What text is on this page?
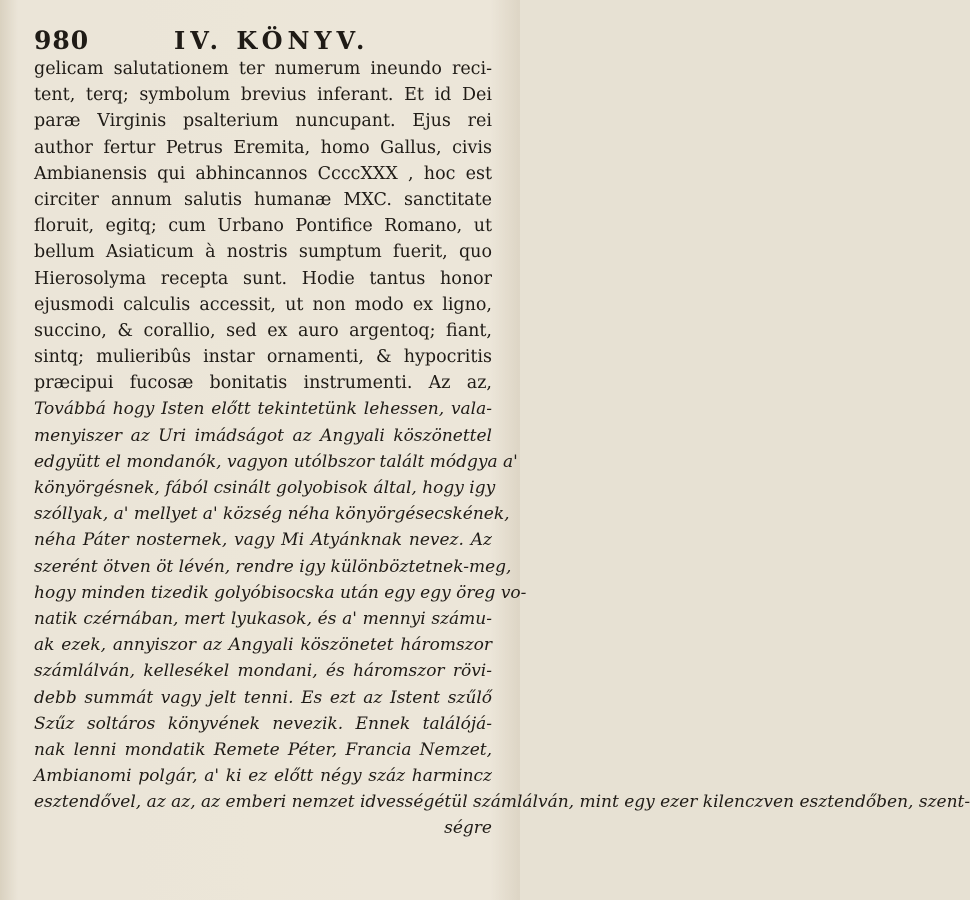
980	IV. KÖNYV.
gelicam salutationem ter numerum ineundo reci-
tent, terq; symbolum brevius inferant. Et id Dei
paræ Virginis psalterium nuncupant. Ejus rei
author fertur Petrus Eremita, homo Gallus, civis
Ambianensis qui abhincannos CcccXXX , hoc est
circiter annum salutis humanæ MXC. sanctitate
floruit, egitq; cum Urbano Pontifice Romano, ut
bellum Asiaticum à nostris sumptum fuerit, quo
Hierosolyma recepta sunt. Hodie tantus honor
ejusmodi calculis accessit, ut non modo ex ligno,
succino, & corallio, sed ex auro argentoq; fiant,
sintq; mulieribûs instar ornamenti, & hypocritis
præcipui fucosæ bonitatis instrumenti. Az az,
Továbbá hogy Isten előtt tekintetünk lehessen, vala-
menyiszer az Uri imádságot az Angyali köszönettel
edgyütt el mondanók, vagyon utólbszor talált módgya a'
könyörgésnek, fából csinált golyobisok által, hogy igy
szóllyak, a' mellyet a' község néha könyörgésecskének,
néha Páter nosternek, vagy Mi Atyánknak nevez. Az
szerént ötven öt lévén, rendre igy különböztetnek-meg,
hogy minden tizedik golyóbisocska után egy egy öreg vo-
natik czérnában, mert lyukasok, és a' mennyi számu-
ak ezek, annyiszor az Angyali köszönetet háromszor
számlálván, kellesékel mondani, és háromszor rövi-
debb summát vagy jelt tenni. Es ezt az Istent szűlő
Szűz soltáros könyvének nevezik. Ennek találójá-
nak lenni mondatik Remete Péter, Francia Nemzet,
Ambianomi polgár, a' ki ez előtt négy száz harmincz
esztendővel, az az, az emberi nemzet idvességétül számlálván, mint egy ezer kilenczven esztendőben, szent-
ségre
